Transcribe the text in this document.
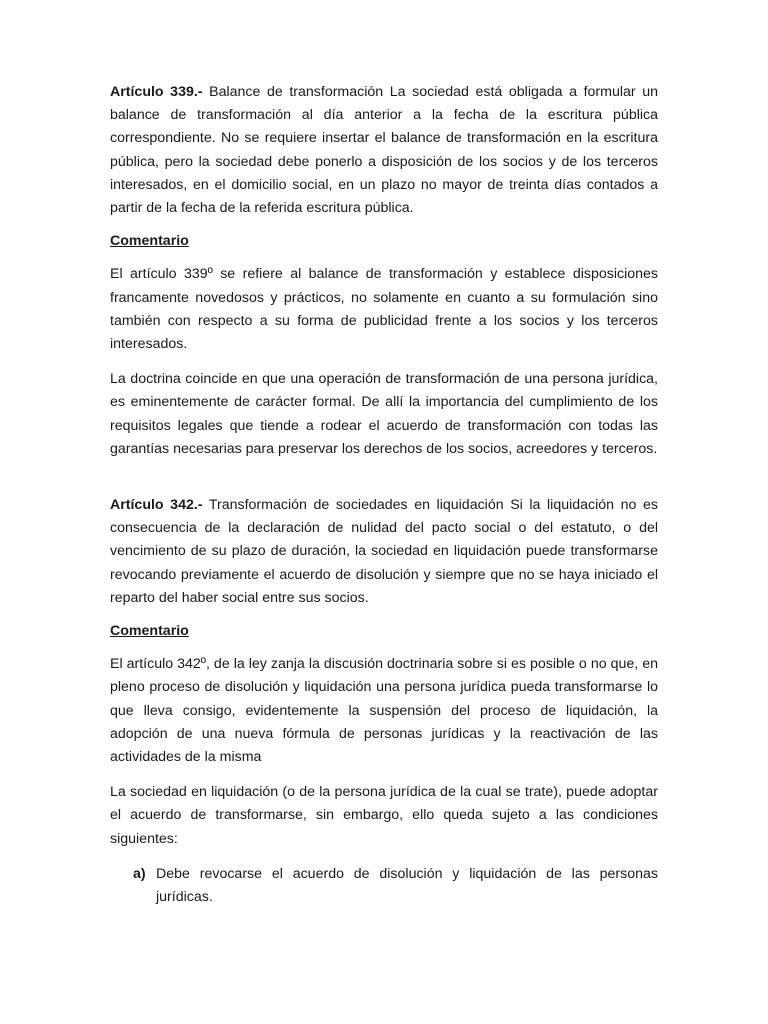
Artículo 339.- Balance de transformación La sociedad está obligada a formular un balance de transformación al día anterior a la fecha de la escritura pública correspondiente. No se requiere insertar el balance de transformación en la escritura pública, pero la sociedad debe ponerlo a disposición de los socios y de los terceros interesados, en el domicilio social, en un plazo no mayor de treinta días contados a partir de la fecha de la referida escritura pública.

Comentario

El artículo 339º se refiere al balance de transformación y establece disposiciones francamente novedosos y prácticos, no solamente en cuanto a su formulación sino también con respecto a su forma de publicidad frente a los socios y los terceros interesados.

La doctrina coincide en que una operación de transformación de una persona jurídica, es eminentemente de carácter formal. De allí la importancia del cumplimiento de los requisitos legales que tiende a rodear el acuerdo de transformación con todas las garantías necesarias para preservar los derechos de los socios, acreedores y terceros.

Artículo 342.- Transformación de sociedades en liquidación Si la liquidación no es consecuencia de la declaración de nulidad del pacto social o del estatuto, o del vencimiento de su plazo de duración, la sociedad en liquidación puede transformarse revocando previamente el acuerdo de disolución y siempre que no se haya iniciado el reparto del haber social entre sus socios.

Comentario

El artículo 342º, de la ley zanja la discusión doctrinaria sobre si es posible o no que, en pleno proceso de disolución y liquidación una persona jurídica pueda transformarse lo que lleva consigo, evidentemente la suspensión del proceso de liquidación, la adopción de una nueva fórmula de personas jurídicas y la reactivación de las actividades de la misma

La sociedad en liquidación (o de la persona jurídica de la cual se trate), puede adoptar el acuerdo de transformarse, sin embargo, ello queda sujeto a las condiciones siguientes:

a) Debe revocarse el acuerdo de disolución y liquidación de las personas jurídicas.
